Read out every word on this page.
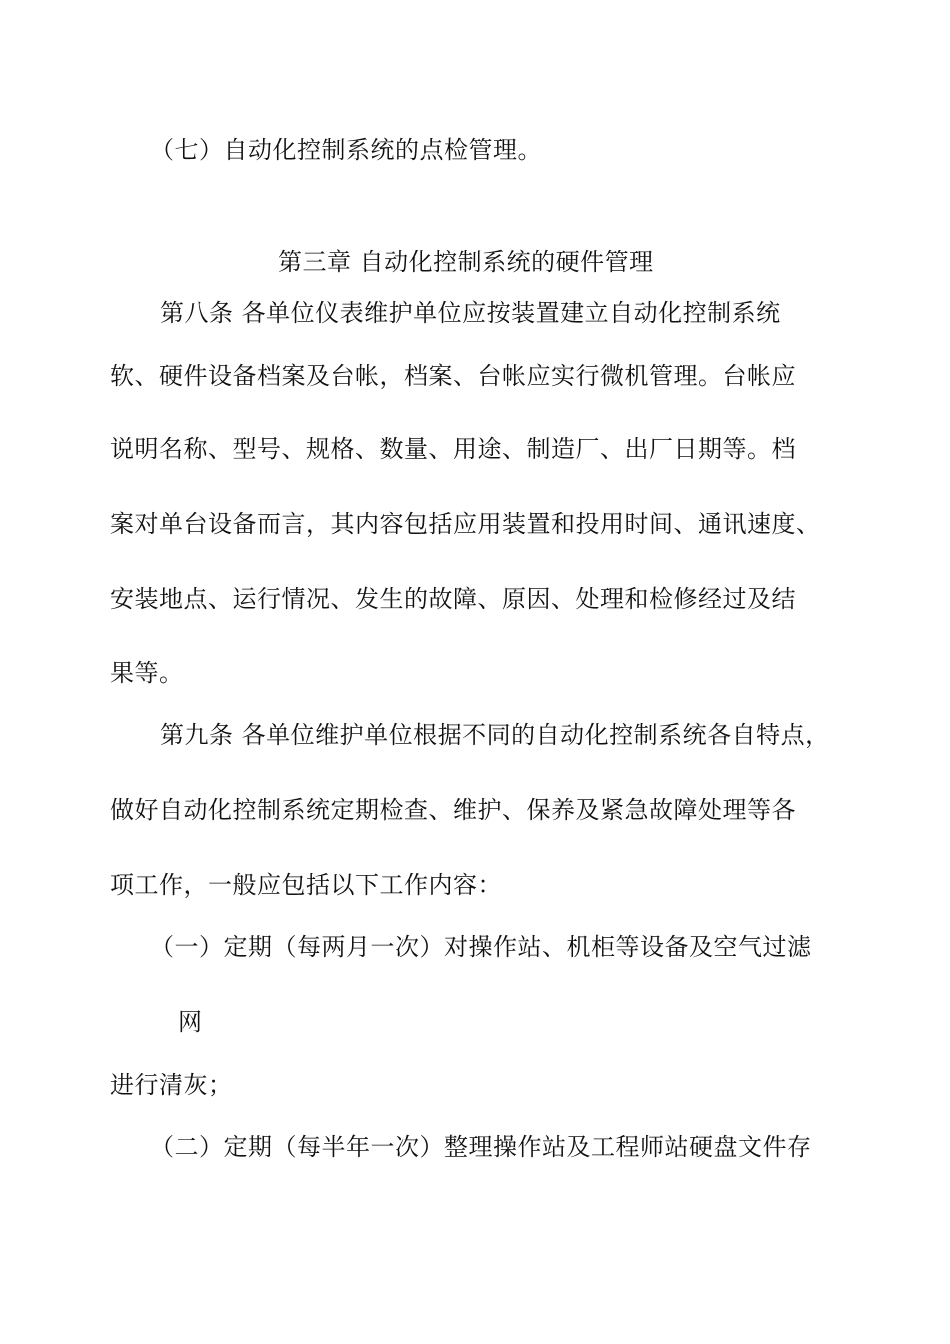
（七）自动化控制系统的点检管理。
第三章 自动化控制系统的硬件管理
第八条 各单位仪表维护单位应按装置建立自动化控制系统
软、硬件设备档案及台帐，档案、台帐应实行微机管理。台帐应
说明名称、型号、规格、数量、用途、制造厂、出厂日期等。档
案对单台设备而言，其内容包括应用装置和投用时间、通讯速度、
安装地点、运行情况、发生的故障、原因、处理和检修经过及结
果等。
第九条 各单位维护单位根据不同的自动化控制系统各自特点，
做好自动化控制系统定期检查、维护、保养及紧急故障处理等各
项工作，一般应包括以下工作内容：
（一）定期（每两月一次）对操作站、机柜等设备及空气过滤
网
进行清灰；
（二）定期（每半年一次）整理操作站及工程师站硬盘文件存
